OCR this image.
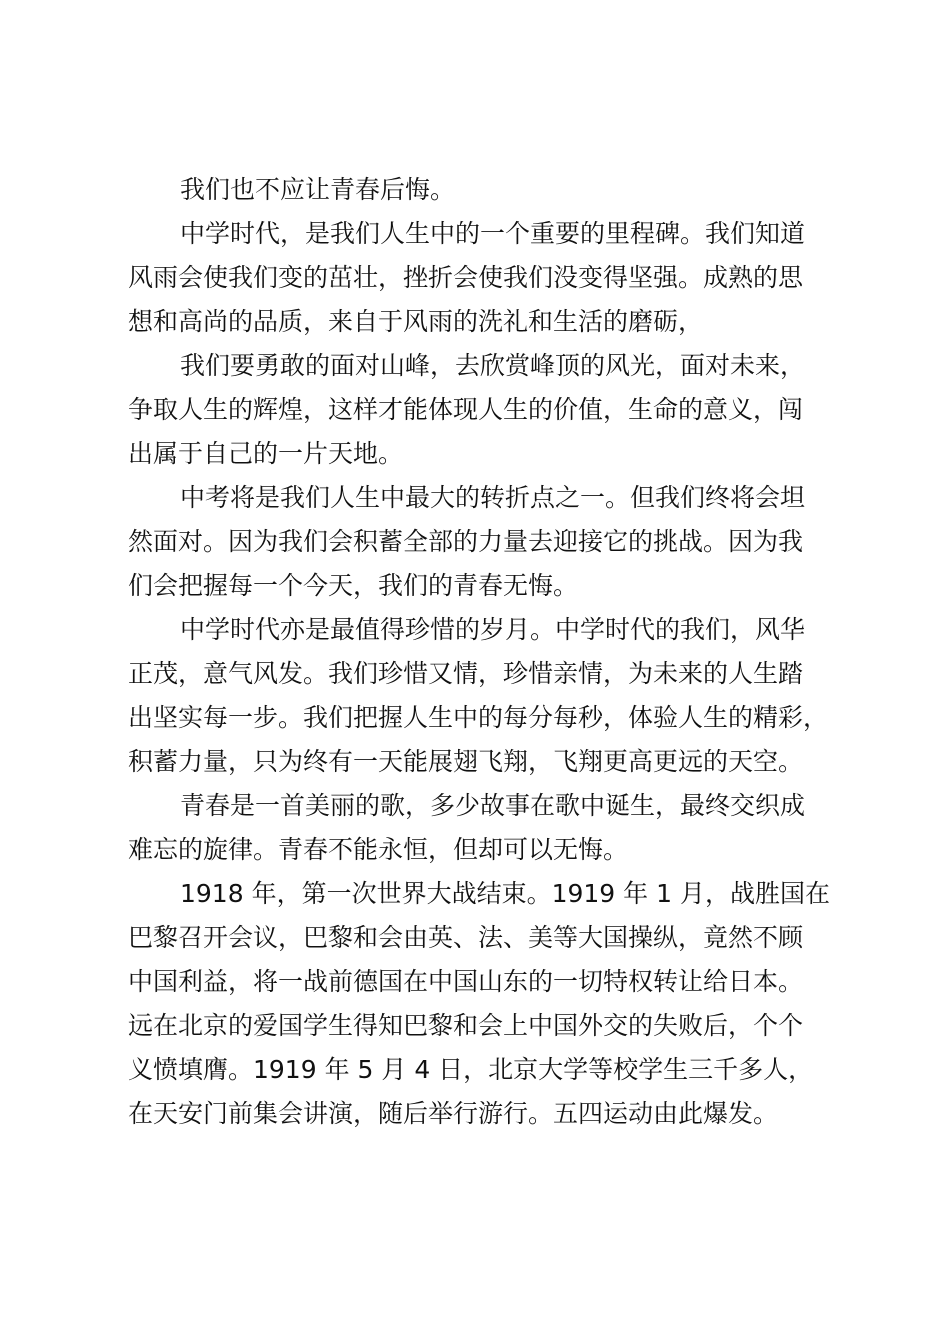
我们也不应让青春后悔。
中学时代，是我们人生中的一个重要的里程碑。我们知道
风雨会使我们变的茁壮，挫折会使我们没变得坚强。成熟的思
想和高尚的品质，来自于风雨的洗礼和生活的磨砺，
我们要勇敢的面对山峰，去欣赏峰顶的风光，面对未来，
争取人生的辉煌，这样才能体现人生的价值，生命的意义，闯
出属于自己的一片天地。
中考将是我们人生中最大的转折点之一。但我们终将会坦
然面对。因为我们会积蓄全部的力量去迎接它的挑战。因为我
们会把握每一个今天，我们的青春无悔。
中学时代亦是最值得珍惜的岁月。中学时代的我们，风华
正茂，意气风发。我们珍惜又情，珍惜亲情，为未来的人生踏
出坚实每一步。我们把握人生中的每分每秒，体验人生的精彩，
积蓄力量，只为终有一天能展翅飞翔，飞翔更高更远的天空。
青春是一首美丽的歌，多少故事在歌中诞生，最终交织成
难忘的旋律。青春不能永恒，但却可以无悔。
1918 年，第一次世界大战结束。1919 年 1 月，战胜国在
巴黎召开会议，巴黎和会由英、法、美等大国操纵，竟然不顾
中国利益，将一战前德国在中国山东的一切特权转让给日本。
远在北京的爱国学生得知巴黎和会上中国外交的失败后，个个
义愤填膺。1919 年 5 月 4 日，北京大学等校学生三千多人，
在天安门前集会讲演，随后举行游行。五四运动由此爆发。
